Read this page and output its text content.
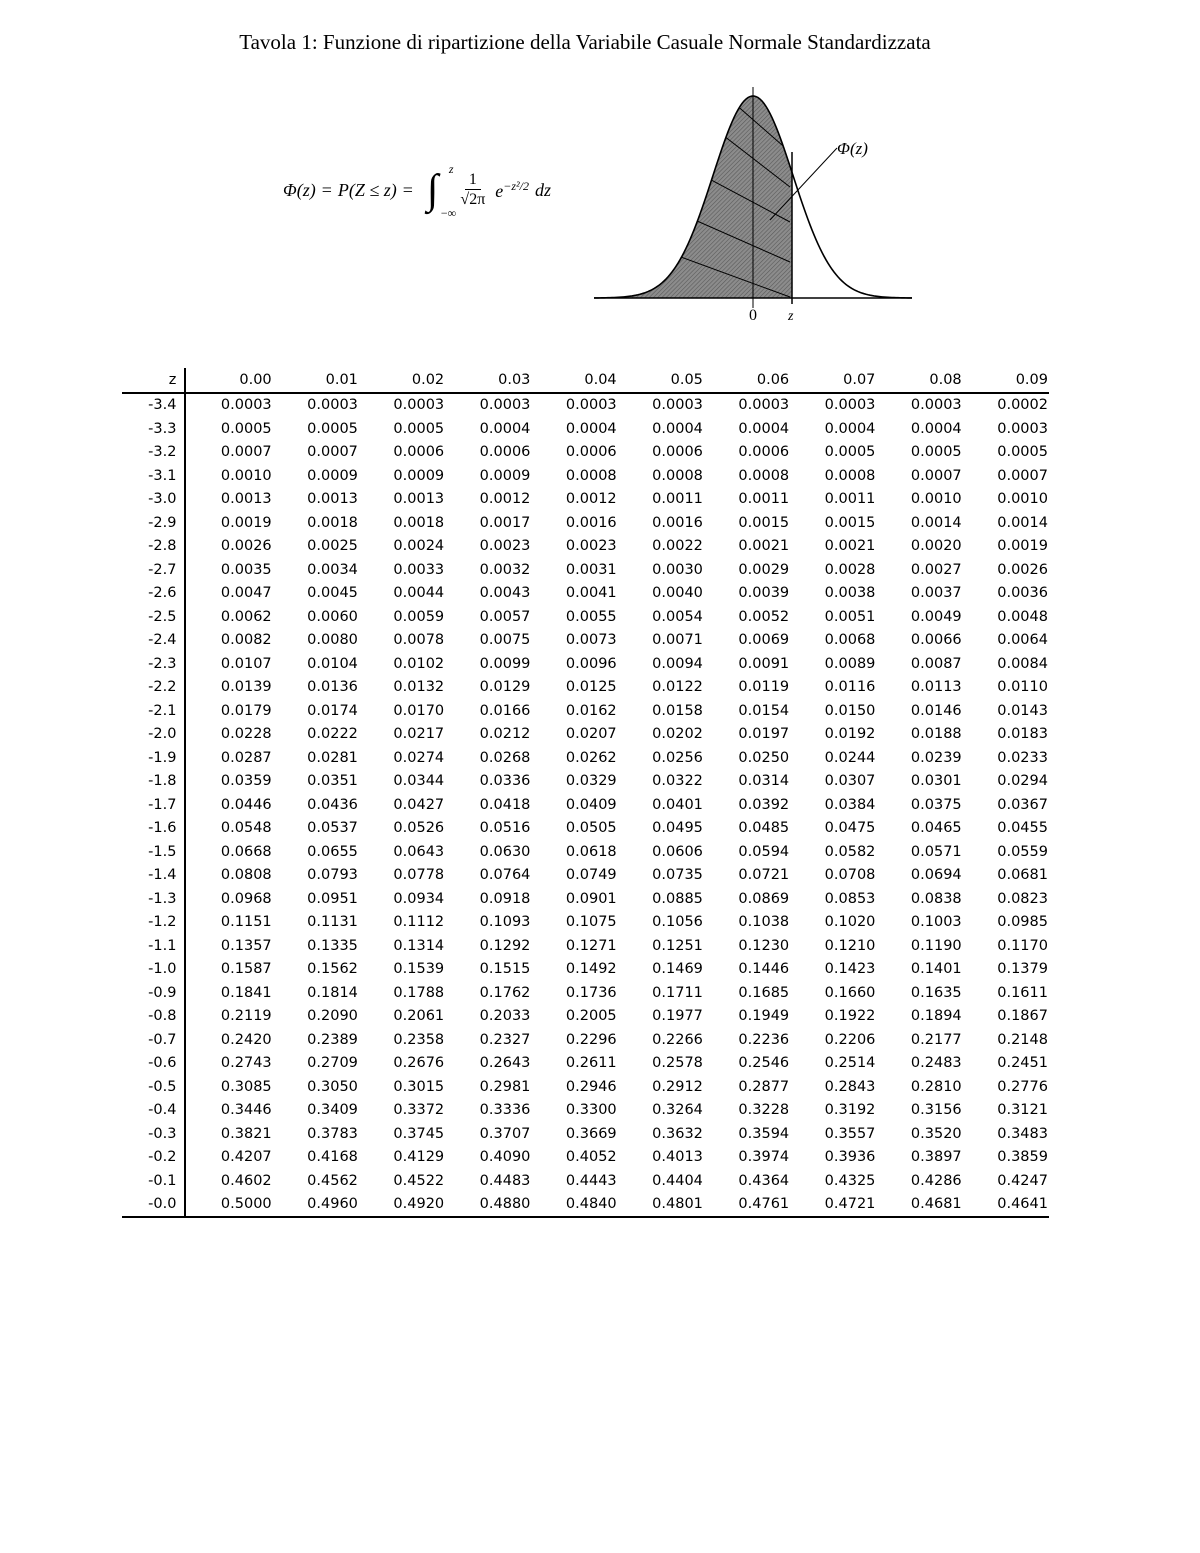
Tavola 1: Funzione di ripartizione della Variabile Casuale Normale Standardizzata
Φ(z) = P(Z ≤ z) = ∫ z
−∞
$\frac{1}{√2\pi} e^{-z^2/2}$ dz
Φ(z)
0 z
z	0.00	0.01	0.02	0.03	0.04	0.05	0.06	0.07	0.08	0.09
-3.4	0.0003	0.0003	0.0003	0.0003	0.0003	0.0003	0.0003	0.0003	0.0003	0.0002
-3.3	0.0005	0.0005	0.0005	0.0004	0.0004	0.0004	0.0004	0.0004	0.0004	0.0003
-3.2	0.0007	0.0007	0.0006	0.0006	0.0006	0.0006	0.0006	0.0005	0.0005	0.0005
-3.1	0.0010	0.0009	0.0009	0.0009	0.0008	0.0008	0.0008	0.0008	0.0007	0.0007
-3.0	0.0013	0.0013	0.0013	0.0012	0.0012	0.0011	0.0011	0.0011	0.0010	0.0010
-2.9	0.0019	0.0018	0.0018	0.0017	0.0016	0.0016	0.0015	0.0015	0.0014	0.0014
-2.8	0.0026	0.0025	0.0024	0.0023	0.0023	0.0022	0.0021	0.0021	0.0020	0.0019
-2.7	0.0035	0.0034	0.0033	0.0032	0.0031	0.0030	0.0029	0.0028	0.0027	0.0026
-2.6	0.0047	0.0045	0.0044	0.0043	0.0041	0.0040	0.0039	0.0038	0.0037	0.0036
-2.5	0.0062	0.0060	0.0059	0.0057	0.0055	0.0054	0.0052	0.0051	0.0049	0.0048
-2.4	0.0082	0.0080	0.0078	0.0075	0.0073	0.0071	0.0069	0.0068	0.0066	0.0064
-2.3	0.0107	0.0104	0.0102	0.0099	0.0096	0.0094	0.0091	0.0089	0.0087	0.0084
-2.2	0.0139	0.0136	0.0132	0.0129	0.0125	0.0122	0.0119	0.0116	0.0113	0.0110
-2.1	0.0179	0.0174	0.0170	0.0166	0.0162	0.0158	0.0154	0.0150	0.0146	0.0143
-2.0	0.0228	0.0222	0.0217	0.0212	0.0207	0.0202	0.0197	0.0192	0.0188	0.0183
-1.9	0.0287	0.0281	0.0274	0.0268	0.0262	0.0256	0.0250	0.0244	0.0239	0.0233
-1.8	0.0359	0.0351	0.0344	0.0336	0.0329	0.0322	0.0314	0.0307	0.0301	0.0294
-1.7	0.0446	0.0436	0.0427	0.0418	0.0409	0.0401	0.0392	0.0384	0.0375	0.0367
-1.6	0.0548	0.0537	0.0526	0.0516	0.0505	0.0495	0.0485	0.0475	0.0465	0.0455
-1.5	0.0668	0.0655	0.0643	0.0630	0.0618	0.0606	0.0594	0.0582	0.0571	0.0559
-1.4	0.0808	0.0793	0.0778	0.0764	0.0749	0.0735	0.0721	0.0708	0.0694	0.0681
-1.3	0.0968	0.0951	0.0934	0.0918	0.0901	0.0885	0.0869	0.0853	0.0838	0.0823
-1.2	0.1151	0.1131	0.1112	0.1093	0.1075	0.1056	0.1038	0.1020	0.1003	0.0985
-1.1	0.1357	0.1335	0.1314	0.1292	0.1271	0.1251	0.1230	0.1210	0.1190	0.1170
-1.0	0.1587	0.1562	0.1539	0.1515	0.1492	0.1469	0.1446	0.1423	0.1401	0.1379
-0.9	0.1841	0.1814	0.1788	0.1762	0.1736	0.1711	0.1685	0.1660	0.1635	0.1611
-0.8	0.2119	0.2090	0.2061	0.2033	0.2005	0.1977	0.1949	0.1922	0.1894	0.1867
-0.7	0.2420	0.2389	0.2358	0.2327	0.2296	0.2266	0.2236	0.2206	0.2177	0.2148
-0.6	0.2743	0.2709	0.2676	0.2643	0.2611	0.2578	0.2546	0.2514	0.2483	0.2451
-0.5	0.3085	0.3050	0.3015	0.2981	0.2946	0.2912	0.2877	0.2843	0.2810	0.2776
-0.4	0.3446	0.3409	0.3372	0.3336	0.3300	0.3264	0.3228	0.3192	0.3156	0.3121
-0.3	0.3821	0.3783	0.3745	0.3707	0.3669	0.3632	0.3594	0.3557	0.3520	0.3483
-0.2	0.4207	0.4168	0.4129	0.4090	0.4052	0.4013	0.3974	0.3936	0.3897	0.3859
-0.1	0.4602	0.4562	0.4522	0.4483	0.4443	0.4404	0.4364	0.4325	0.4286	0.4247
-0.0	0.5000	0.4960	0.4920	0.4880	0.4840	0.4801	0.4761	0.4721	0.4681	0.4641
